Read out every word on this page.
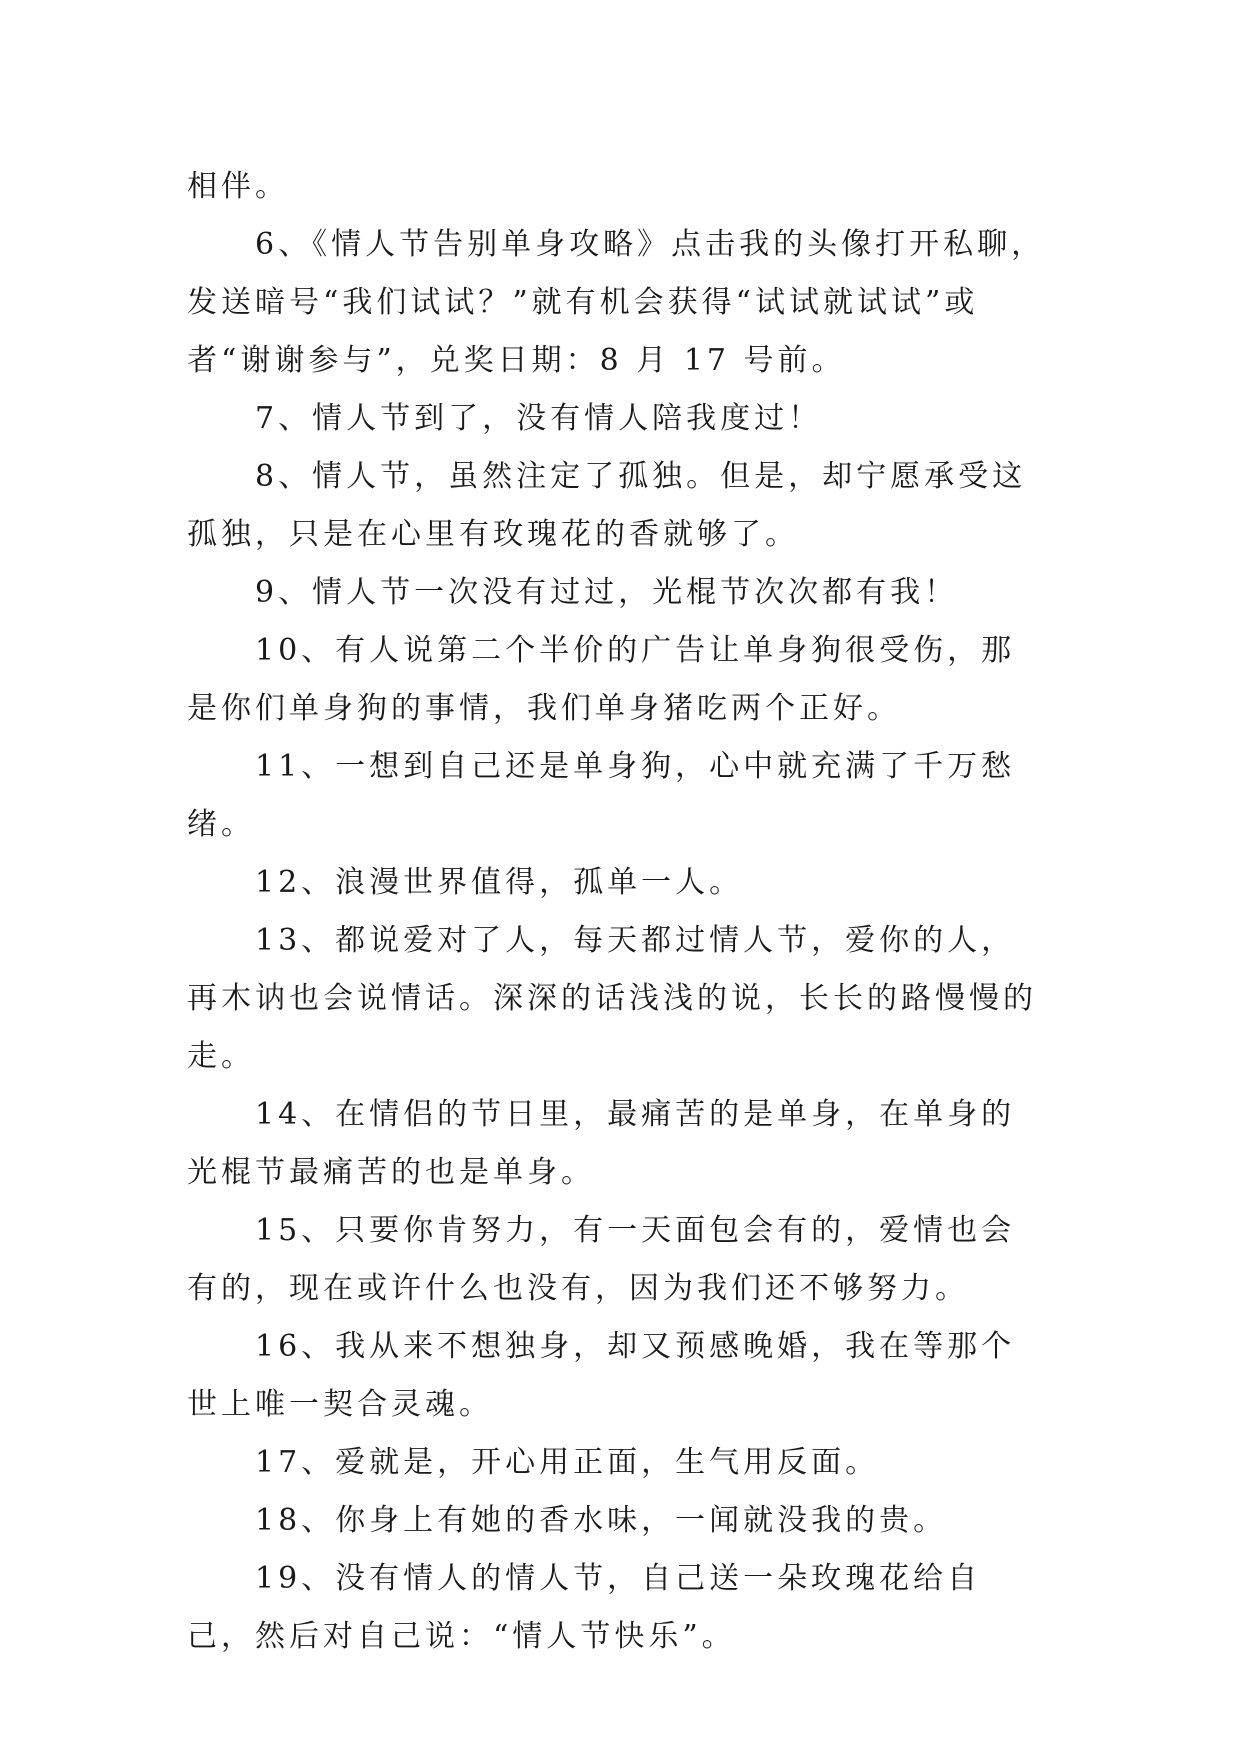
相伴。

6、《情人节告别单身攻略》点击我的头像打开私聊，发送暗号“我们试试？”就有机会获得“试试就试试”或者“谢谢参与”，兑奖日期：8 月 17 号前。

7、情人节到了，没有情人陪我度过！

8、情人节，虽然注定了孤独。但是，却宁愿承受这孤独，只是在心里有玫瑰花的香就够了。

9、情人节一次没有过过，光棍节次次都有我！

10、有人说第二个半价的广告让单身狗很受伤，那是你们单身狗的事情，我们单身猪吃两个正好。

11、一想到自己还是单身狗，心中就充满了千万愁绪。

12、浪漫世界值得，孤单一人。

13、都说爱对了人，每天都过情人节，爱你的人，再木讷也会说情话。深深的话浅浅的说，长长的路慢慢的走。

14、在情侣的节日里，最痛苦的是单身，在单身的光棍节最痛苦的也是单身。

15、只要你肯努力，有一天面包会有的，爱情也会有的，现在或许什么也没有，因为我们还不够努力。

16、我从来不想独身，却又预感晚婚，我在等那个世上唯一契合灵魂。

17、爱就是，开心用正面，生气用反面。

18、你身上有她的香水味，一闻就没我的贵。

19、没有情人的情人节，自己送一朵玫瑰花给自己，然后对自己说：“情人节快乐”。
